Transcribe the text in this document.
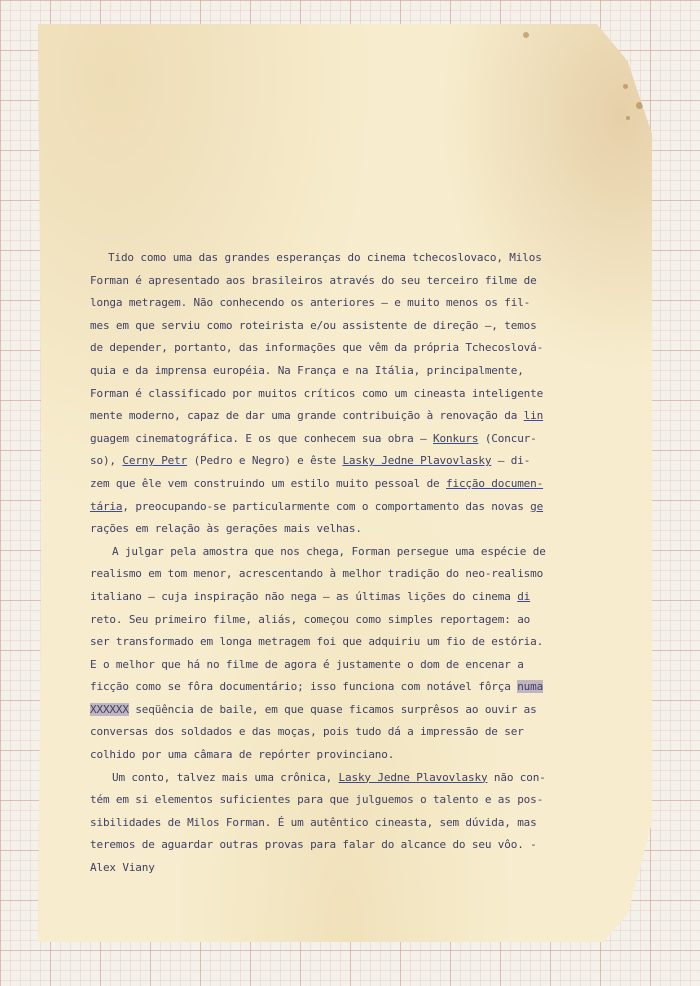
Tido como uma das grandes esperanças do cinema tchecoslovaco, Milos
Forman é apresentado aos brasileiros através do seu terceiro filme de
longa metragem. Não conhecendo os anteriores — e muito menos os fil-
mes em que serviu como roteirista e/ou assistente de direção —, temos
de depender, portanto, das informações que vêm da própria Tchecoslová-
quia e da imprensa européia. Na França e na Itália, principalmente,
Forman é classificado por muitos críticos como um cineasta inteligente
mente moderno, capaz de dar uma grande contribuição à renovação da lin
guagem cinematográfica. E os que conhecem sua obra — Konkurs (Concur-
so), Cerny Petr (Pedro e Negro) e êste Lasky Jedne Plavovlasky — di-
zem que êle vem construindo um estilo muito pessoal de ficção documen-
tária, preocupando-se particularmente com o comportamento das novas ge
rações em relação às gerações mais velhas.
A julgar pela amostra que nos chega, Forman persegue uma espécie de
realismo em tom menor, acrescentando à melhor tradição do neo-realismo
italiano — cuja inspiração não nega — as últimas lições do cinema di
reto. Seu primeiro filme, aliás, começou como simples reportagem: ao
ser transformado em longa metragem foi que adquiriu um fio de estória.
E o melhor que há no filme de agora é justamente o dom de encenar a
ficção como se fôra documentário; isso funciona com notável fôrça numa
XXXXXX seqüência de baile, em que quase ficamos surprêsos ao ouvir as
conversas dos soldados e das moças, pois tudo dá a impressão de ser
colhido por uma câmara de repórter provinciano.
Um conto, talvez mais uma crônica, Lasky Jedne Plavovlasky não con-
tém em si elementos suficientes para que julguemos o talento e as pos-
sibilidades de Milos Forman. É um autêntico cineasta, sem dúvida, mas
teremos de aguardar outras provas para falar do alcance do seu vôo. -
Alex Viany
